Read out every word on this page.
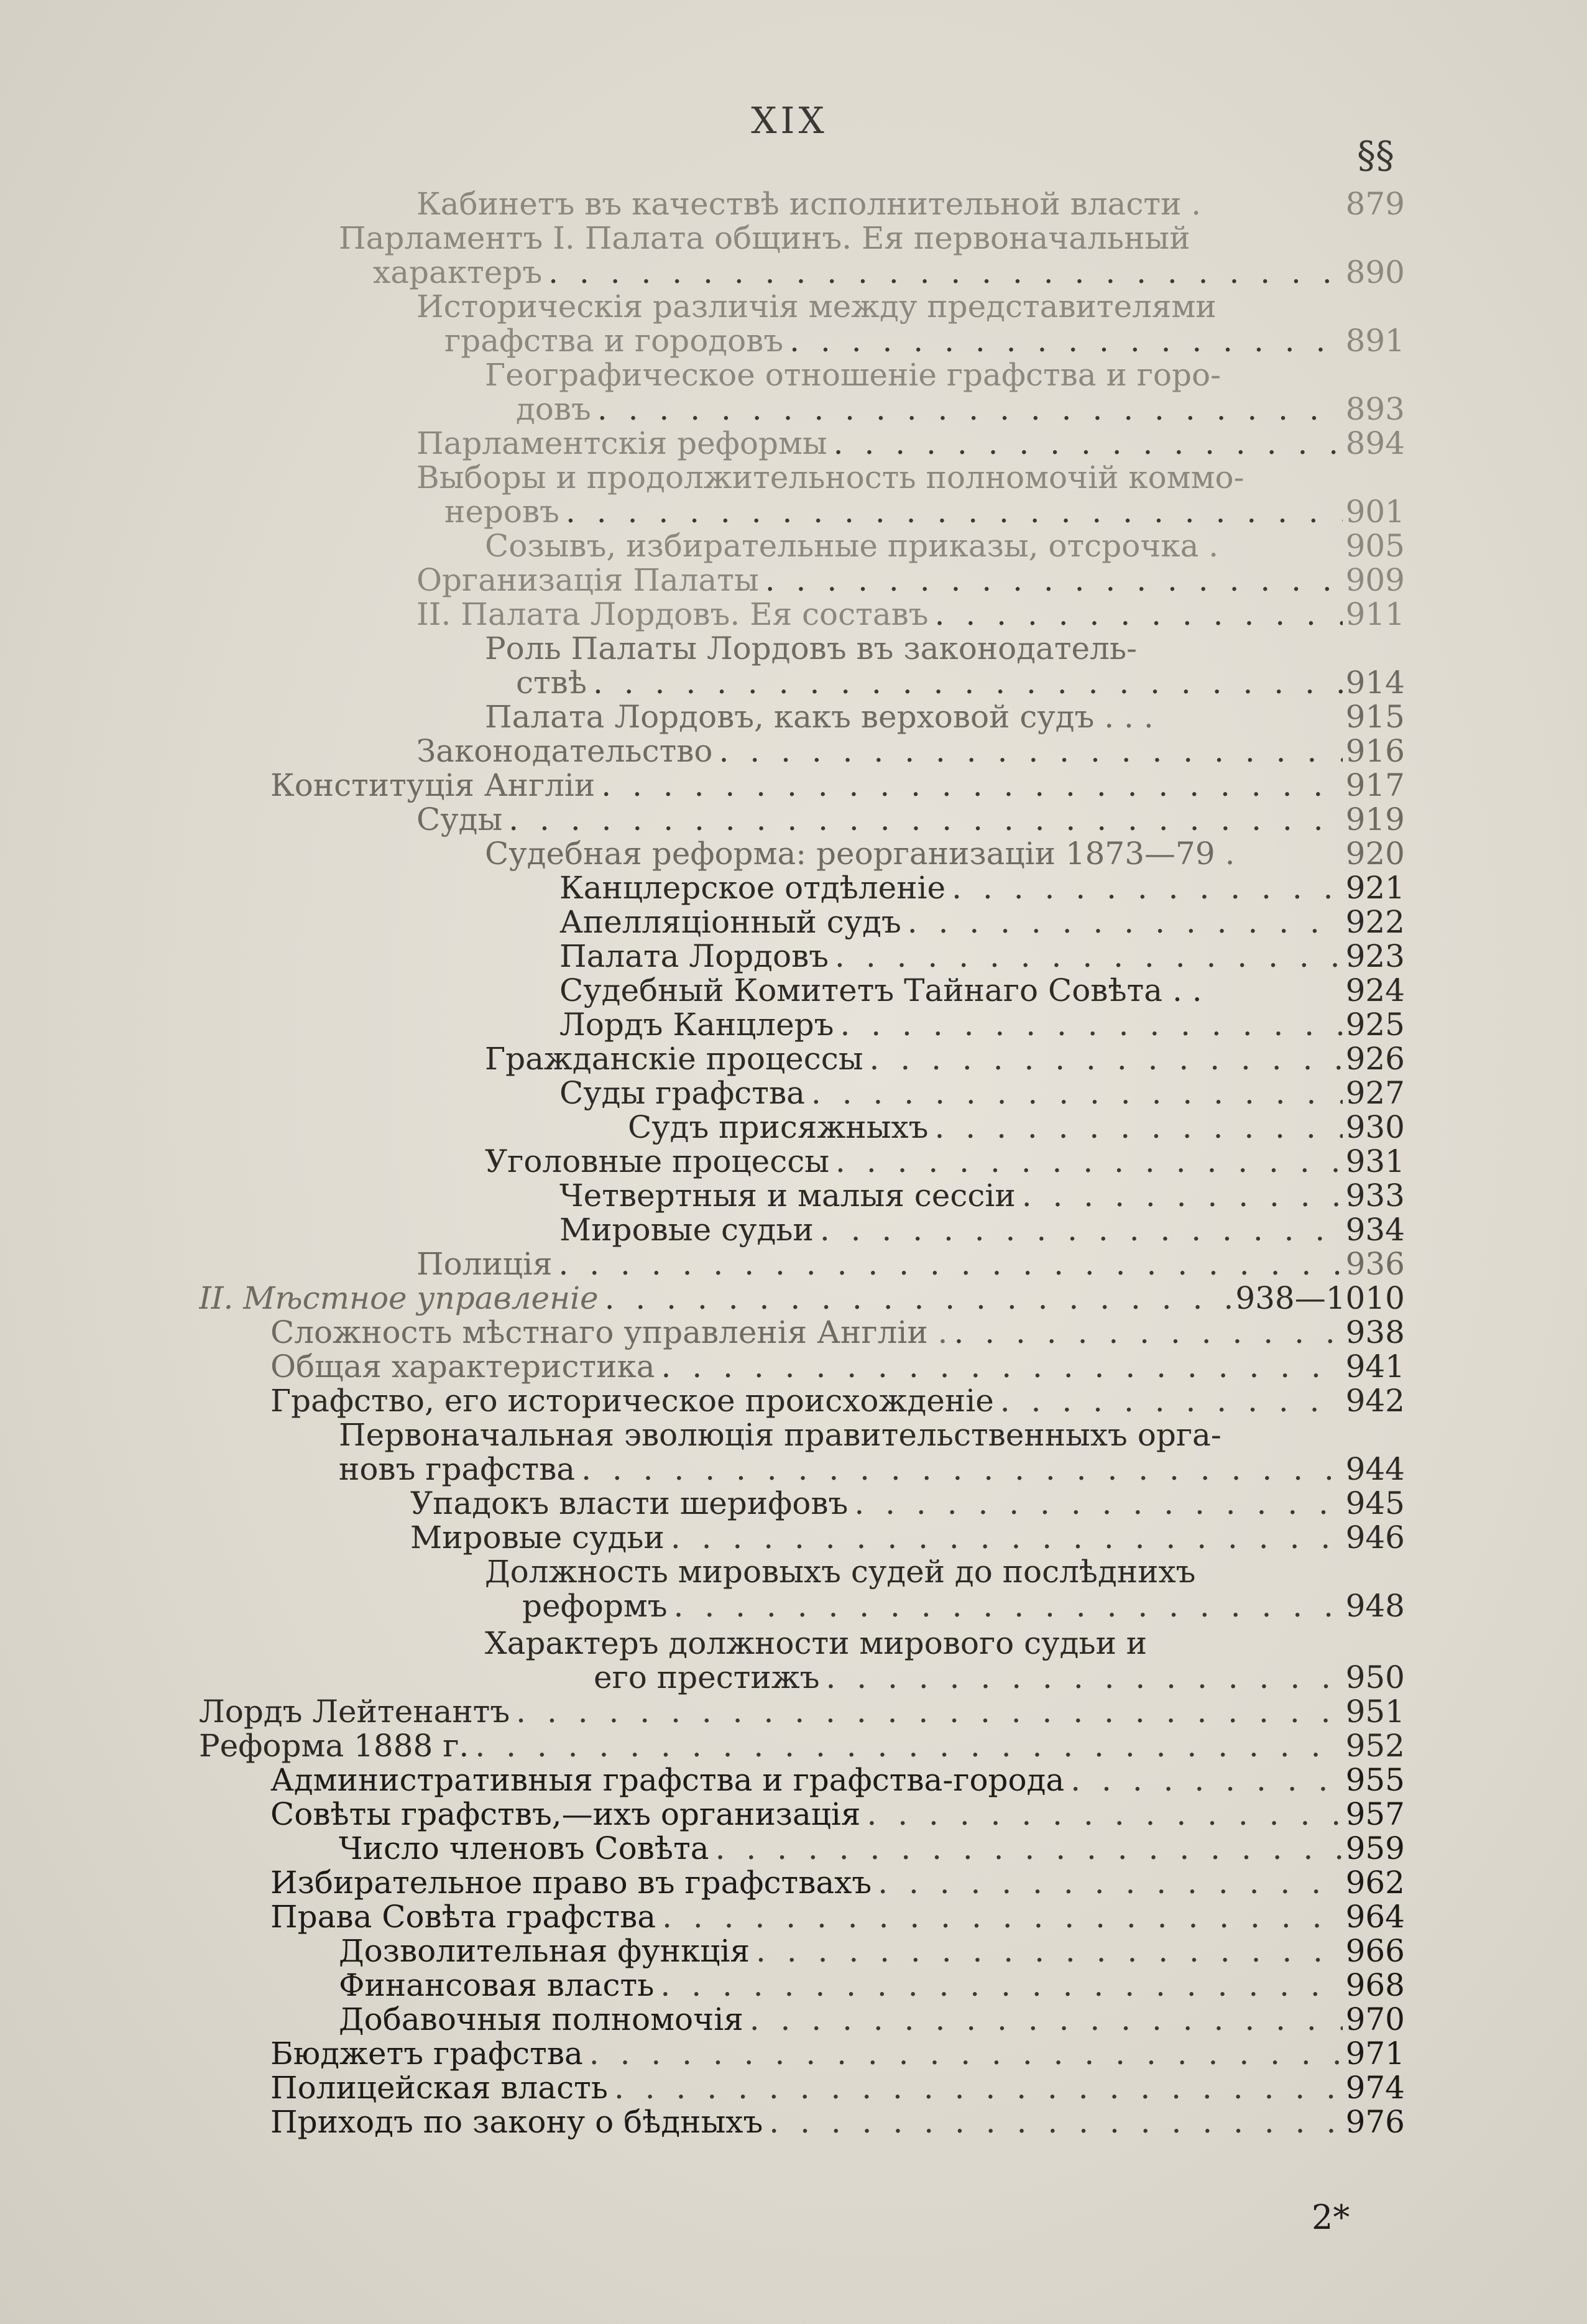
XIX
§§
Кабинетъ въ качествѣ исполнительной власти .	879
Парламентъ I. Палата общинъ. Ея первоначальный
характеръ . . .	890
Историческія различія между представителями
графства и городовъ . . .	891
Географическое отношеніе графства и горо-
довъ . . .	893
Парламентскія реформы . . .	894
Выборы и продолжительность полномочій коммо-
нeровъ . . .	901
Созывъ, избирательные приказы, отсрочка .	905
Организація Палаты . . .	909
II. Палата Лордовъ. Ея составъ . . .	911
Роль Палаты Лордовъ въ законодатель-
ствѣ . . .	914
Палата Лордовъ, какъ верховой судъ . . .	915
Законодательство . . .	916
Конституція Англіи . . .	917
Суды . . .	919
Судебная реформа: реорганизаціи 1873—79 .	920
Канцлерское отдѣленіе . . .	921
Апелляціонный судъ . . .	922
Палата Лордовъ . . .	923
Судебный Комитетъ Тайнаго Совѣта . .	924
Лордъ Канцлеръ . . .	925
Гражданскіе процессы . . .	926
Суды графства . . .	927
Судъ присяжныхъ . . .	930
Уголовные процессы . . .	931
Четвертныя и малыя сессіи . . .	933
Мировые судьи . . .	934
Полиція . . .	936
II. Мѣстное управленіе . . .	938—1010
Сложность мѣстнаго управленія Англіи . . . .	938
Общая характеристика . . .	941
Графство, его историческое происхожденіе . . .	942
Первоначальная эволюція правительственныхъ орга-
новъ графства . . .	944
Упадокъ власти шерифовъ . . .	945
Мировые судьи . . .	946
Должность мировыхъ судей до послѣднихъ
реформъ . . .	948
Характеръ должности мирового судьи и
его престижъ . . .	950
Лордъ Лейтенантъ . . .	951
Реформа 1888 г. . . .	952
Административныя графства и графства-города . . .	955
Совѣты графствъ,—ихъ организація . . .	957
Число членовъ Совѣта . . .	959
Избирательное право въ графствахъ . . .	962
Права Совѣта графства . . .	964
Дозволительная функція . . .	966
Финансовая власть . . .	968
Добавочныя полномочія . . .	970
Бюджетъ графства . . .	971
Полицейская власть . . .	974
Приходъ по закону о бѣдныхъ . . .	976
2*
